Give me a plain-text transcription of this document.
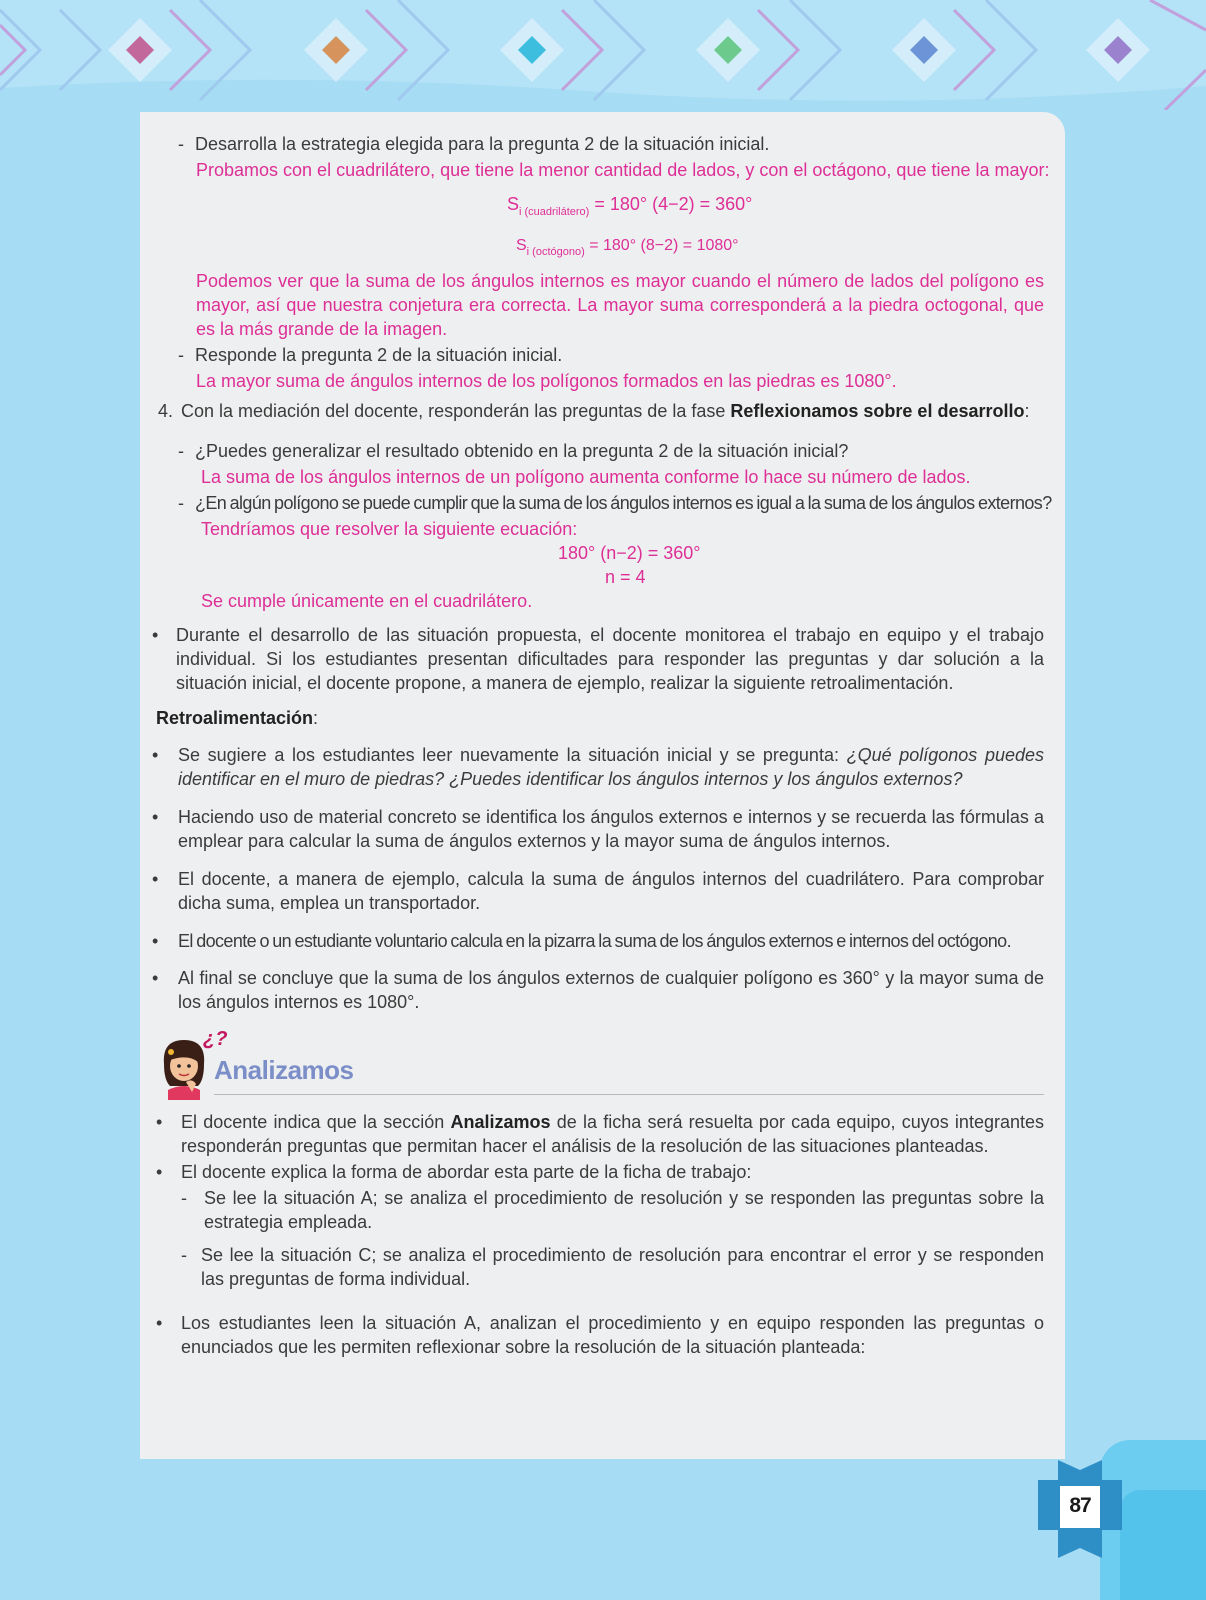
- Desarrolla la estrategia elegida para la pregunta 2 de la situación inicial.
Probamos con el cuadrilátero, que tiene la menor cantidad de lados, y con el octágono, que tiene la mayor:
$S_{i (cuadrilátero)} = 180^\circ$ (4−2) = 360°
$S_{i (octógono)} = 180^\circ$ (8−2) = 1080°
Podemos ver que la suma de los ángulos internos es mayor cuando el número de lados del polígono es mayor, así que nuestra conjetura era correcta. La mayor suma corresponderá a la piedra octogonal, que es la más grande de la imagen.
- Responde la pregunta 2 de la situación inicial.
La mayor suma de ángulos internos de los polígonos formados en las piedras es 1080°.
4. Con la mediación del docente, responderán las preguntas de la fase Reflexionamos sobre el desarrollo:
- ¿Puedes generalizar el resultado obtenido en la pregunta 2 de la situación inicial?
La suma de los ángulos internos de un polígono aumenta conforme lo hace su número de lados.
- ¿En algún polígono se puede cumplir que la suma de los ángulos internos es igual a la suma de los ángulos externos?
Tendríamos que resolver la siguiente ecuación:
180° (n−2) = 360°
n = 4
Se cumple únicamente en el cuadrilátero.
• Durante el desarrollo de las situación propuesta, el docente monitorea el trabajo en equipo y el trabajo individual. Si los estudiantes presentan dificultades para responder las preguntas y dar solución a la situación inicial, el docente propone, a manera de ejemplo, realizar la siguiente retroalimentación.
Retroalimentación:
• Se sugiere a los estudiantes leer nuevamente la situación inicial y se pregunta: ¿Qué polígonos puedes identificar en el muro de piedras? ¿Puedes identificar los ángulos internos y los ángulos externos?
• Haciendo uso de material concreto se identifica los ángulos externos e internos y se recuerda las fórmulas a emplear para calcular la suma de ángulos externos y la mayor suma de ángulos internos.
• El docente, a manera de ejemplo, calcula la suma de ángulos internos del cuadrilátero. Para comprobar dicha suma, emplea un transportador.
• El docente o un estudiante voluntario calcula en la pizarra la suma de los ángulos externos e internos del octógono.
• Al final se concluye que la suma de los ángulos externos de cualquier polígono es 360° y la mayor suma de los ángulos internos es 1080°.
¿?
Analizamos
• El docente indica que la sección Analizamos de la ficha será resuelta por cada equipo, cuyos integrantes responderán preguntas que permitan hacer el análisis de la resolución de las situaciones planteadas.
• El docente explica la forma de abordar esta parte de la ficha de trabajo:
- Se lee la situación A; se analiza el procedimiento de resolución y se responden las preguntas sobre la estrategia empleada.
- Se lee la situación C; se analiza el procedimiento de resolución para encontrar el error y se responden las preguntas de forma individual.
• Los estudiantes leen la situación A, analizan el procedimiento y en equipo responden las preguntas o enunciados que les permiten reflexionar sobre la resolución de la situación planteada:
87
